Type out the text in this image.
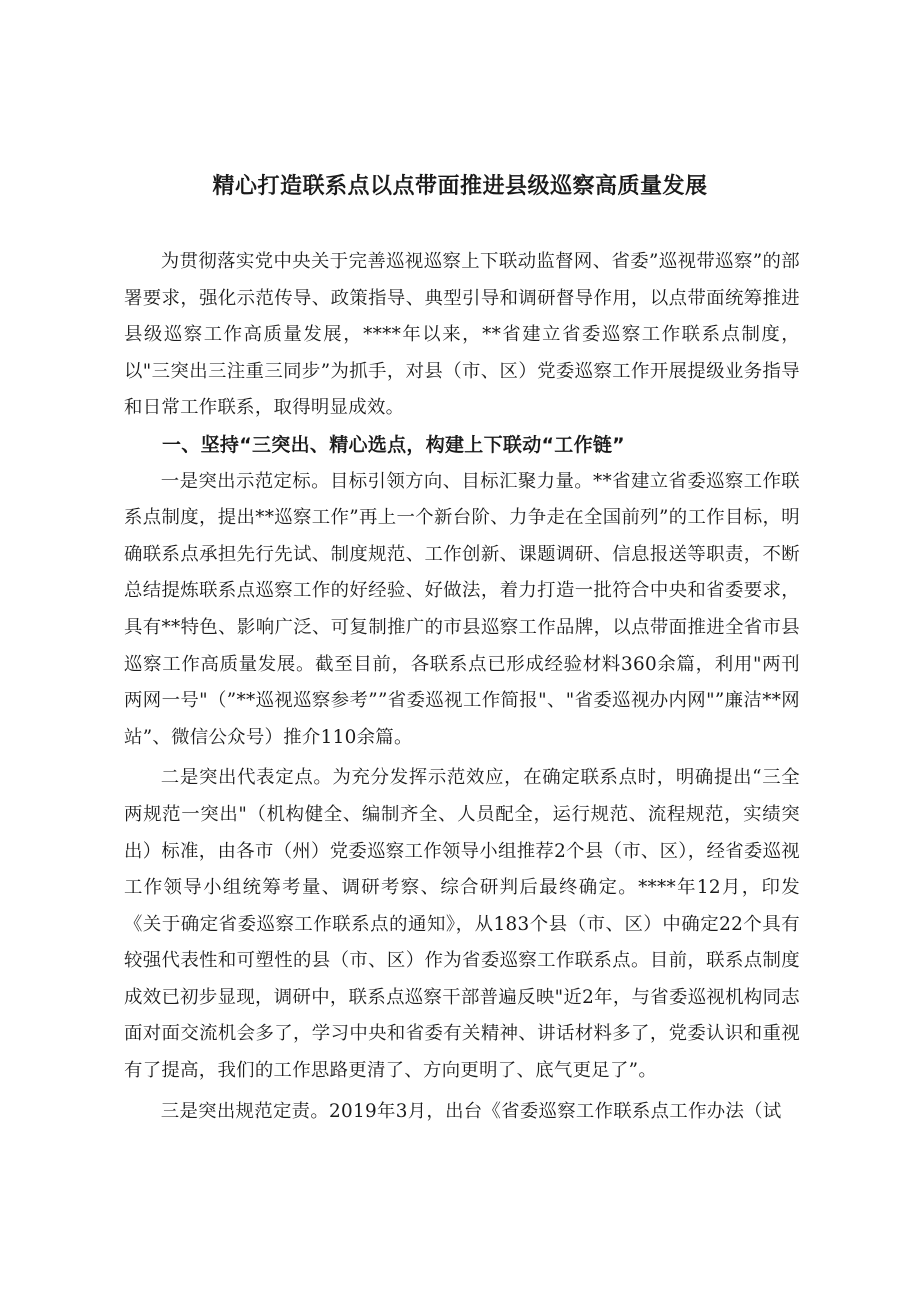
精心打造联系点以点带面推进县级巡察高质量发展

为贯彻落实党中央关于完善巡视巡察上下联动监督网、省委”巡视带巡察”的部署要求，强化示范传导、政策指导、典型引导和调研督导作用，以点带面统筹推进县级巡察工作高质量发展，****年以来，**省建立省委巡察工作联系点制度，以"三突出三注重三同步”为抓手，对县（市、区）党委巡察工作开展提级业务指导和日常工作联系，取得明显成效。

一、坚持“三突出、精心选点，构建上下联动“工作链”

一是突出示范定标。目标引领方向、目标汇聚力量。**省建立省委巡察工作联系点制度，提出**巡察工作”再上一个新台阶、力争走在全国前列”的工作目标，明确联系点承担先行先试、制度规范、工作创新、课题调研、信息报送等职责，不断总结提炼联系点巡察工作的好经验、好做法，着力打造一批符合中央和省委要求，具有**特色、影响广泛、可复制推广的市县巡察工作品牌，以点带面推进全省市县巡察工作高质量发展。截至目前，各联系点已形成经验材料360余篇，利用"两刊两网一号"（”**巡视巡察参考””省委巡视工作简报"、"省委巡视办内网"”廉洁**网站”、微信公众号）推介110余篇。

二是突出代表定点。为充分发挥示范效应，在确定联系点时，明确提出“三全两规范一突出"（机构健全、编制齐全、人员配全，运行规范、流程规范，实绩突出）标准，由各市（州）党委巡察工作领导小组推荐2个县（市、区），经省委巡视工作领导小组统筹考量、调研考察、综合研判后最终确定。****年12月，印发《关于确定省委巡察工作联系点的通知》，从183个县（市、区）中确定22个具有较强代表性和可塑性的县（市、区）作为省委巡察工作联系点。目前，联系点制度成效已初步显现，调研中，联系点巡察干部普遍反映"近2年，与省委巡视机构同志面对面交流机会多了，学习中央和省委有关精神、讲话材料多了，党委认识和重视有了提高，我们的工作思路更清了、方向更明了、底气更足了”。

三是突出规范定责。2019年3月，出台《省委巡察工作联系点工作办法（试
